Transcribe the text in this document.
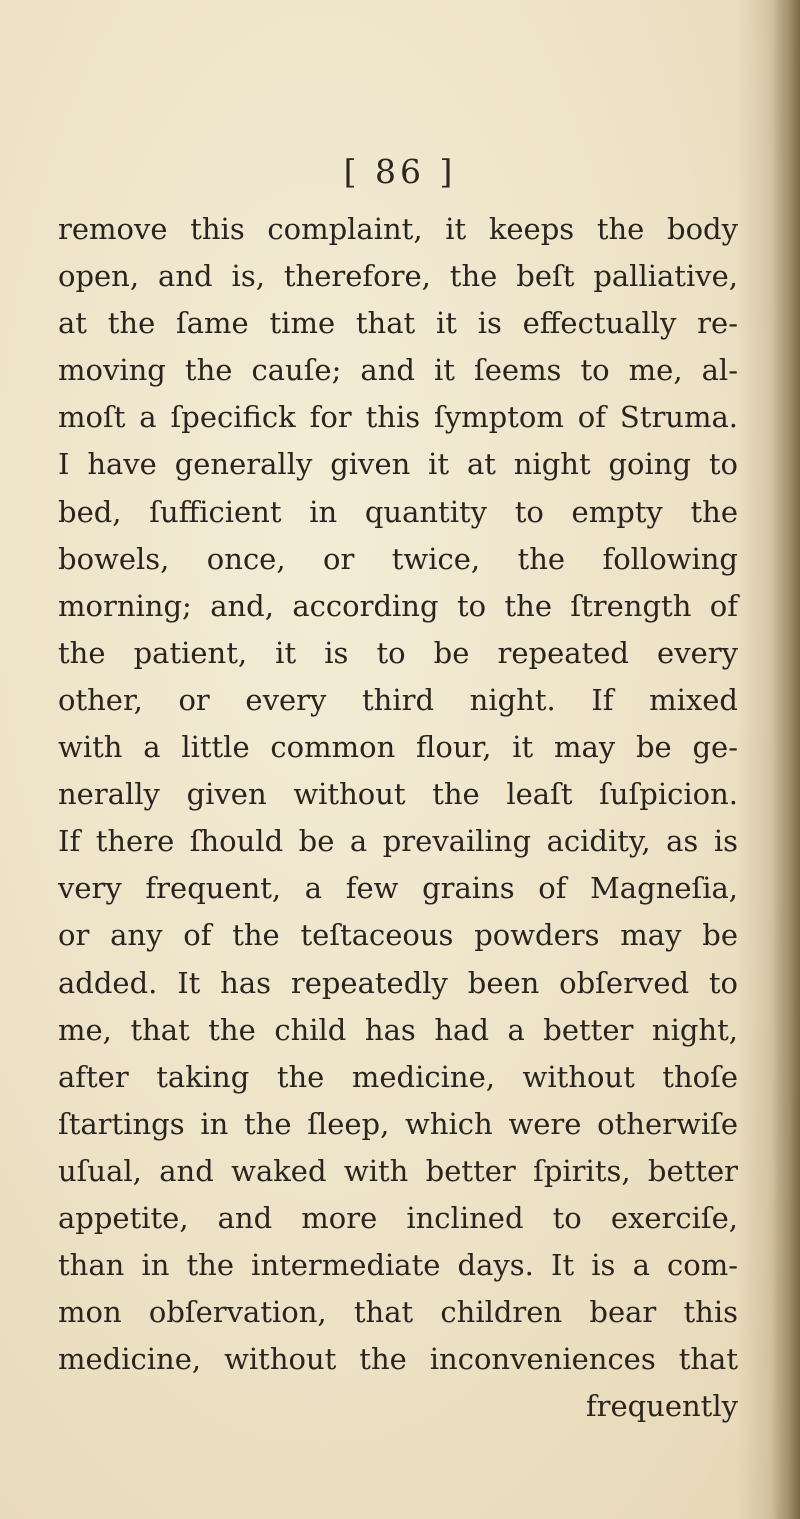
[ 86 ]
remove this complaint, it keeps the body
open, and is, therefore, the beſt palliative,
at the ſame time that it is effectually re-
moving the cauſe; and it ſeems to me, al-
moſt a ſpecifick for this ſymptom of Struma.
I have generally given it at night going to
bed, ſufficient in quantity to empty the
bowels, once, or twice, the following
morning; and, according to the ſtrength of
the patient, it is to be repeated every
other, or every third night. If mixed
with a little common flour, it may be ge-
nerally given without the leaſt ſuſpicion.
If there ſhould be a prevailing acidity, as is
very frequent, a few grains of Magneſia,
or any of the teſtaceous powders may be
added. It has repeatedly been obſerved to
me, that the child has had a better night,
after taking the medicine, without thoſe
ſtartings in the ſleep, which were otherwiſe
uſual, and waked with better ſpirits, better
appetite, and more inclined to exerciſe,
than in the intermediate days. It is a com-
mon obſervation, that children bear this
medicine, without the inconveniences that
frequently
